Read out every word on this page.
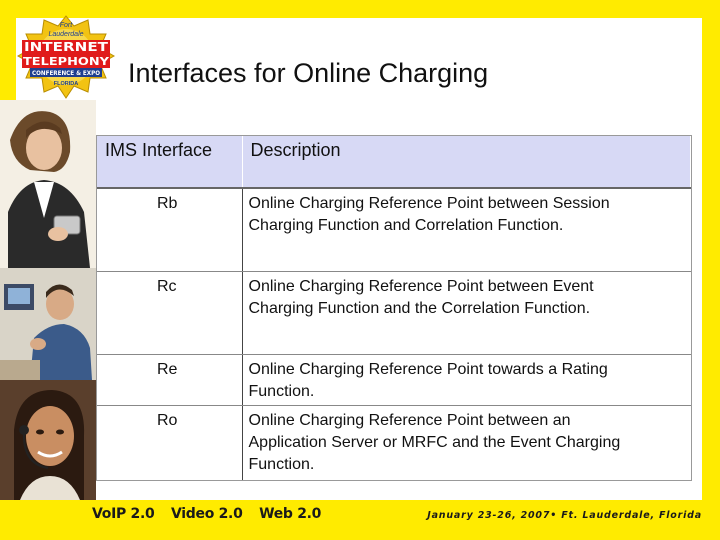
Fort
Lauderdale
INTERNET
TELEPHONY
CONFERENCE & EXPO
FLORIDA Interfaces for Online Charging
IMS Interface	Description
Rb	Online Charging Reference Point between Session
Charging Function and Correlation Function.

Rc	Online Charging Reference Point between Event
Charging Function and the Correlation Function.

Re	Online Charging Reference Point towards a Rating
Function.

Ro	Online Charging Reference Point between an
Application Server or MRFC and the Event Charging
Function.
VoIP 2.0 Video 2.0 Web 2.0	January 23-26, 2007• Ft. Lauderdale, Florida
